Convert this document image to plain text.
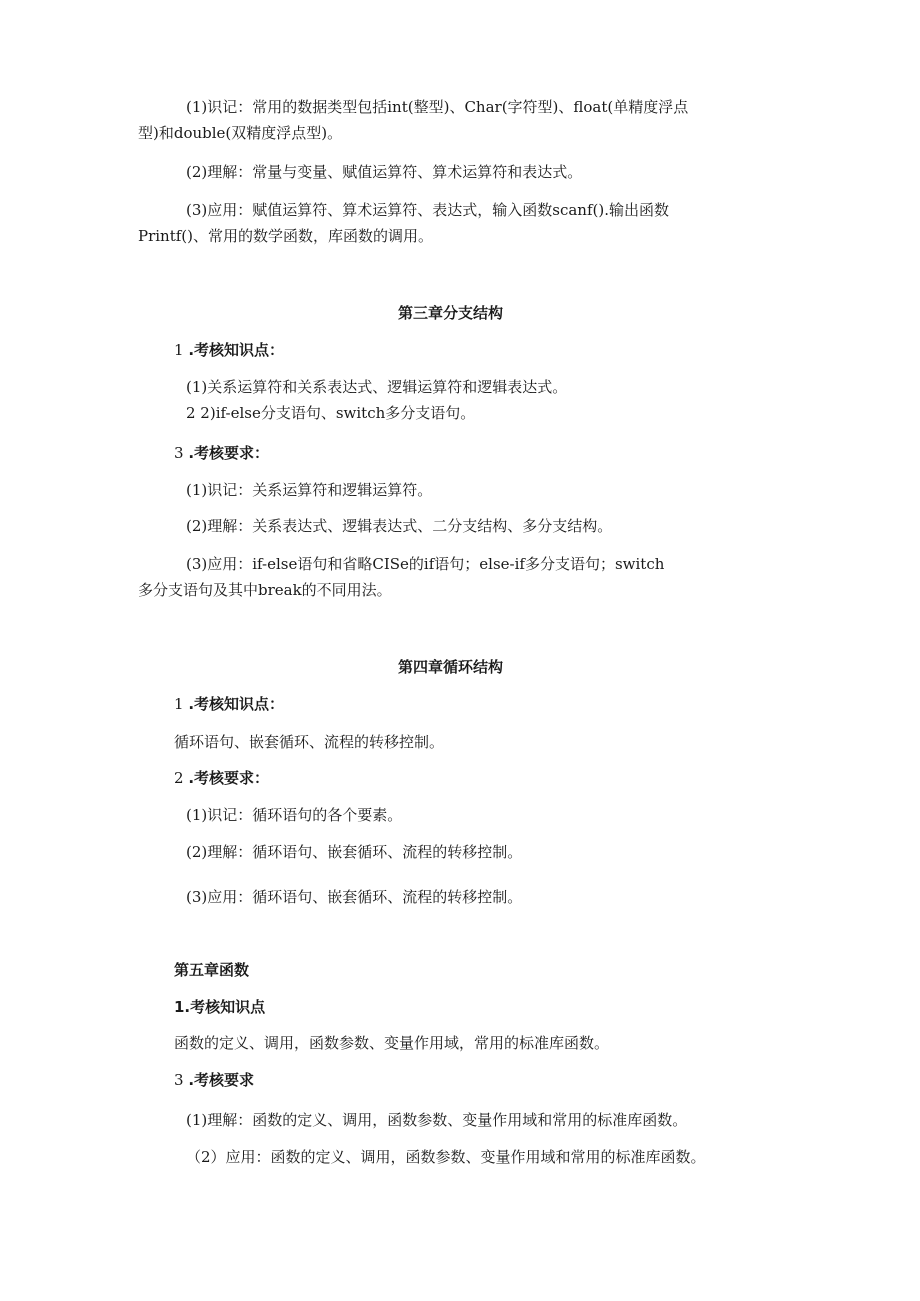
(1)识记：常用的数据类型包括int(整型)、Char(字符型)、float(单精度浮点

型)和double(双精度浮点型)。

(2)理解：常量与变量、赋值运算符、算术运算符和表达式。

(3)应用：赋值运算符、算术运算符、表达式，输入函数scanf().输出函数

Printf()、常用的数学函数，库函数的调用。

第三章分支结构

1 .考核知识点：

(1)关系运算符和关系表达式、逻辑运算符和逻辑表达式。

2 2)if-else分支语句、switch多分支语句。

3 .考核要求：

(1)识记：关系运算符和逻辑运算符。

(2)理解：关系表达式、逻辑表达式、二分支结构、多分支结构。

(3)应用：if-else语句和省略CISe的if语句；else-if多分支语句；switch

多分支语句及其中break的不同用法。

第四章循环结构

1 .考核知识点：

循环语句、嵌套循环、流程的转移控制。

2 .考核要求：

(1)识记：循环语句的各个要素。

(2)理解：循环语句、嵌套循环、流程的转移控制。

(3)应用：循环语句、嵌套循环、流程的转移控制。

第五章函数

1.考核知识点

函数的定义、调用，函数参数、变量作用域，常用的标准库函数。

3 .考核要求

(1)理解：函数的定义、调用，函数参数、变量作用域和常用的标准库函数。

（2）应用：函数的定义、调用，函数参数、变量作用域和常用的标准库函数。
